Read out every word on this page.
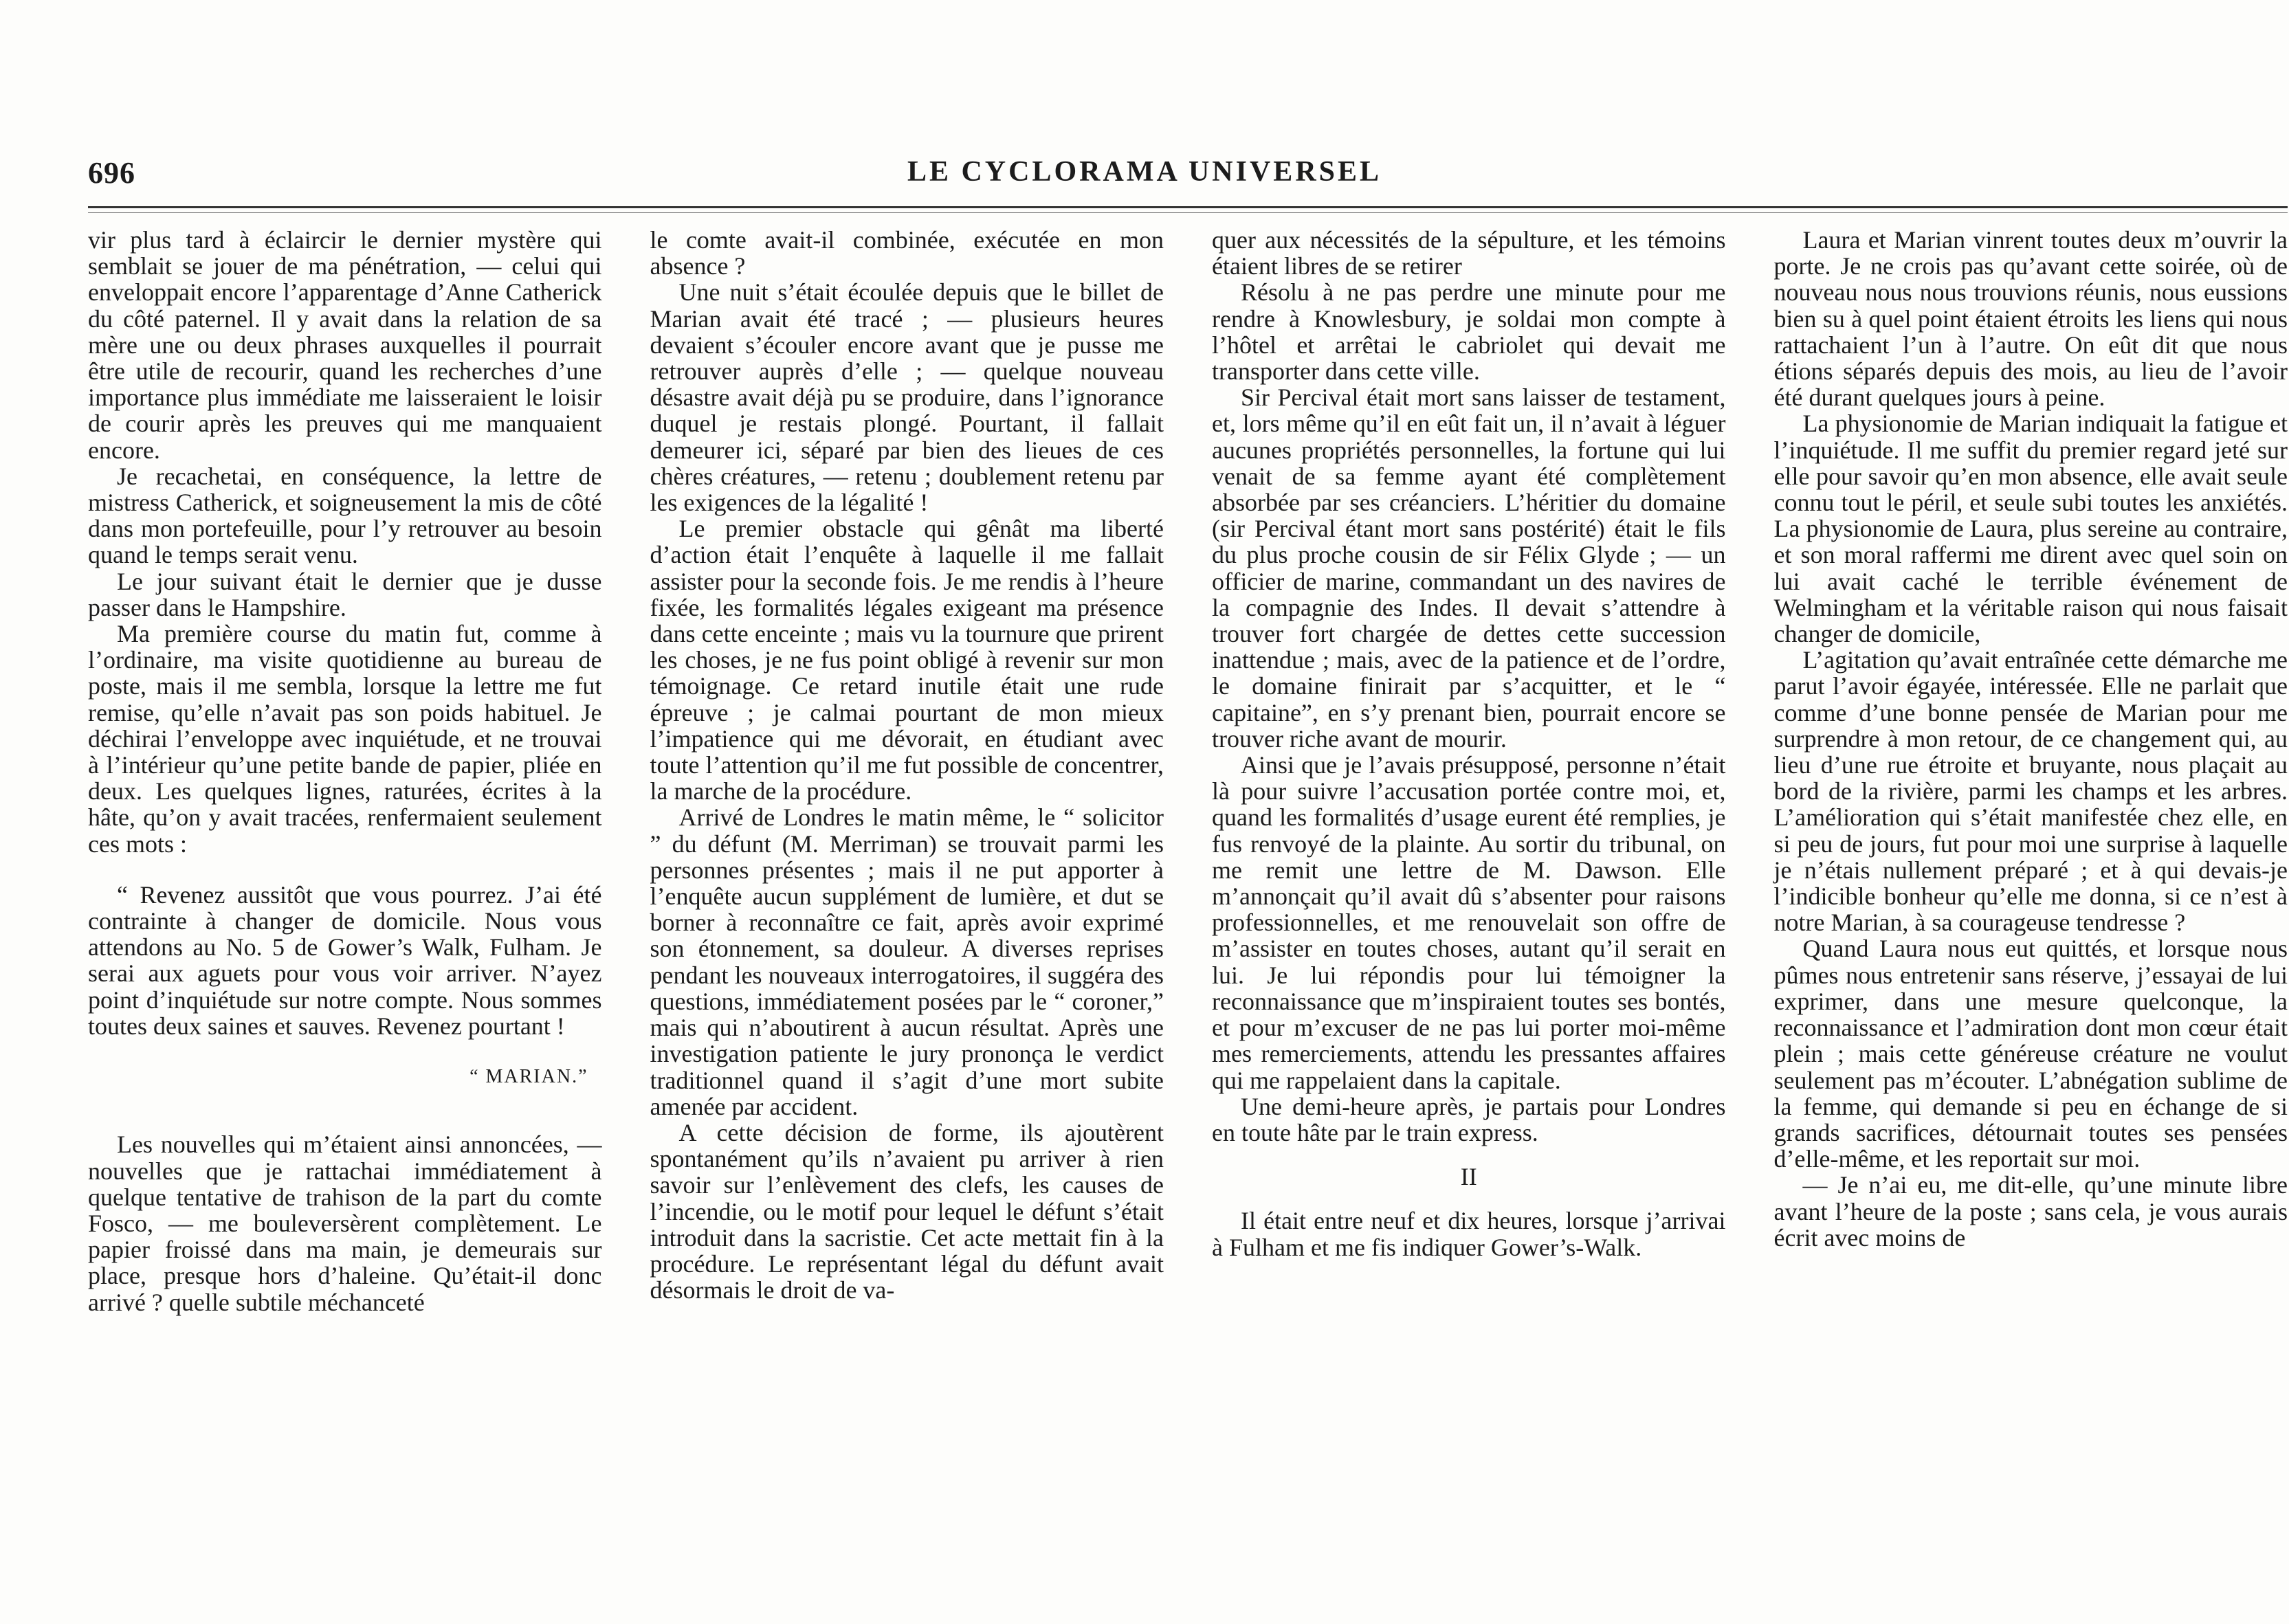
696	LE CYCLORAMA UNIVERSEL

vir plus tard à éclaircir le dernier mystère qui semblait se jouer de ma pénétration, — celui qui enveloppait encore l’apparentage d’Anne Catherick du côté paternel. Il y avait dans la relation de sa mère une ou deux phrases auxquelles il pourrait être utile de recourir, quand les recherches d’une importance plus immédiate me laisseraient le loisir de courir après les preuves qui me manquaient encore.

Je recachetai, en conséquence, la lettre de mistress Catherick, et soigneusement la mis de côté dans mon portefeuille, pour l’y retrouver au besoin quand le temps serait venu.

Le jour suivant était le dernier que je dusse passer dans le Hampshire.

Ma première course du matin fut, comme à l’ordinaire, ma visite quotidienne au bureau de poste, mais il me sembla, lorsque la lettre me fut remise, qu’elle n’avait pas son poids habituel. Je déchirai l’enveloppe avec inquiétude, et ne trouvai à l’intérieur qu’une petite bande de papier, pliée en deux. Les quelques lignes, raturées, écrites à la hâte, qu’on y avait tracées, renfermaient seulement ces mots :

“ Revenez aussitôt que vous pourrez. J’ai été contrainte à changer de domicile. Nous vous attendons au No. 5 de Gower’s Walk, Fulham. Je serai aux aguets pour vous voir arriver. N’ayez point d’inquiétude sur notre compte. Nous sommes toutes deux saines et sauves. Revenez pourtant !

“ MARIAN.”

Les nouvelles qui m’étaient ainsi annoncées, — nouvelles que je rattachai immédiatement à quelque tentative de trahison de la part du comte Fosco, — me bouleversèrent complètement. Le papier froissé dans ma main, je demeurais sur place, presque hors d’haleine. Qu’était-il donc arrivé ? quelle subtile méchanceté

le comte avait-il combinée, exécutée en mon absence ?

Une nuit s’était écoulée depuis que le billet de Marian avait été tracé ; — plusieurs heures devaient s’écouler encore avant que je pusse me retrouver auprès d’elle ; — quelque nouveau désastre avait déjà pu se produire, dans l’ignorance duquel je restais plongé. Pourtant, il fallait demeurer ici, séparé par bien des lieues de ces chères créatures, — retenu ; doublement retenu par les exigences de la légalité !

Le premier obstacle qui gênât ma liberté d’action était l’enquête à laquelle il me fallait assister pour la seconde fois. Je me rendis à l’heure fixée, les formalités légales exigeant ma présence dans cette enceinte ; mais vu la tournure que prirent les choses, je ne fus point obligé à revenir sur mon témoignage. Ce retard inutile était une rude épreuve ; je calmai pourtant de mon mieux l’impatience qui me dévorait, en étudiant avec toute l’attention qu’il me fut possible de concentrer, la marche de la procédure.

Arrivé de Londres le matin même, le “ solicitor ” du défunt (M. Merriman) se trouvait parmi les personnes présentes ; mais il ne put apporter à l’enquête aucun supplément de lumière, et dut se borner à reconnaître ce fait, après avoir exprimé son étonnement, sa douleur. A diverses reprises pendant les nouveaux interrogatoires, il suggéra des questions, immédiatement posées par le “ coroner,” mais qui n’aboutirent à aucun résultat. Après une investigation patiente le jury prononça le verdict traditionnel quand il s’agit d’une mort subite amenée par accident.

A cette décision de forme, ils ajoutèrent spontanément qu’ils n’avaient pu arriver à rien savoir sur l’enlèvement des clefs, les causes de l’incendie, ou le motif pour lequel le défunt s’était introduit dans la sacristie. Cet acte mettait fin à la procédure. Le représentant légal du défunt avait désormais le droit de va-

quer aux nécessités de la sépulture, et les témoins étaient libres de se retirer

Résolu à ne pas perdre une minute pour me rendre à Knowlesbury, je soldai mon compte à l’hôtel et arrêtai le cabriolet qui devait me transporter dans cette ville.

Sir Percival était mort sans laisser de testament, et, lors même qu’il en eût fait un, il n’avait à léguer aucunes propriétés personnelles, la fortune qui lui venait de sa femme ayant été complètement absorbée par ses créanciers. L’héritier du domaine (sir Percival étant mort sans postérité) était le fils du plus proche cousin de sir Félix Glyde ; — un officier de marine, commandant un des navires de la compagnie des Indes. Il devait s’attendre à trouver fort chargée de dettes cette succession inattendue ; mais, avec de la patience et de l’ordre, le domaine finirait par s’acquitter, et le “ capitaine”, en s’y prenant bien, pourrait encore se trouver riche avant de mourir.

Ainsi que je l’avais présupposé, personne n’était là pour suivre l’accusation portée contre moi, et, quand les formalités d’usage eurent été remplies, je fus renvoyé de la plainte. Au sortir du tribunal, on me remit une lettre de M. Dawson. Elle m’annonçait qu’il avait dû s’absenter pour raisons professionnelles, et me renouvelait son offre de m’assister en toutes choses, autant qu’il serait en lui. Je lui répondis pour lui témoigner la reconnaissance que m’inspiraient toutes ses bontés, et pour m’excuser de ne pas lui porter moi-même mes remerciements, attendu les pressantes affaires qui me rappelaient dans la capitale.

Une demi-heure après, je partais pour Londres en toute hâte par le train express.

II

Il était entre neuf et dix heures, lorsque j’arrivai à Fulham et me fis indiquer Gower’s-Walk.

Laura et Marian vinrent toutes deux m’ouvrir la porte. Je ne crois pas qu’avant cette soirée, où de nouveau nous nous trouvions réunis, nous eussions bien su à quel point étaient étroits les liens qui nous rattachaient l’un à l’autre. On eût dit que nous étions séparés depuis des mois, au lieu de l’avoir été durant quelques jours à peine.

La physionomie de Marian indiquait la fatigue et l’inquiétude. Il me suffit du premier regard jeté sur elle pour savoir qu’en mon absence, elle avait seule connu tout le péril, et seule subi toutes les anxiétés. La physionomie de Laura, plus sereine au contraire, et son moral raffermi me dirent avec quel soin on lui avait caché le terrible événement de Welmingham et la véritable raison qui nous faisait changer de domicile,

L’agitation qu’avait entraînée cette démarche me parut l’avoir égayée, intéressée. Elle ne parlait que comme d’une bonne pensée de Marian pour me surprendre à mon retour, de ce changement qui, au lieu d’une rue étroite et bruyante, nous plaçait au bord de la rivière, parmi les champs et les arbres. L’amélioration qui s’était manifestée chez elle, en si peu de jours, fut pour moi une surprise à laquelle je n’étais nullement préparé ; et à qui devais-je l’indicible bonheur qu’elle me donna, si ce n’est à notre Marian, à sa courageuse tendresse ?

Quand Laura nous eut quittés, et lorsque nous pûmes nous entretenir sans réserve, j’essayai de lui exprimer, dans une mesure quelconque, la reconnaissance et l’admiration dont mon cœur était plein ; mais cette généreuse créature ne voulut seulement pas m’écouter. L’abnégation sublime de la femme, qui demande si peu en échange de si grands sacrifices, détournait toutes ses pensées d’elle-même, et les reportait sur moi.

— Je n’ai eu, me dit-elle, qu’une minute libre avant l’heure de la poste ; sans cela, je vous aurais écrit avec moins de
